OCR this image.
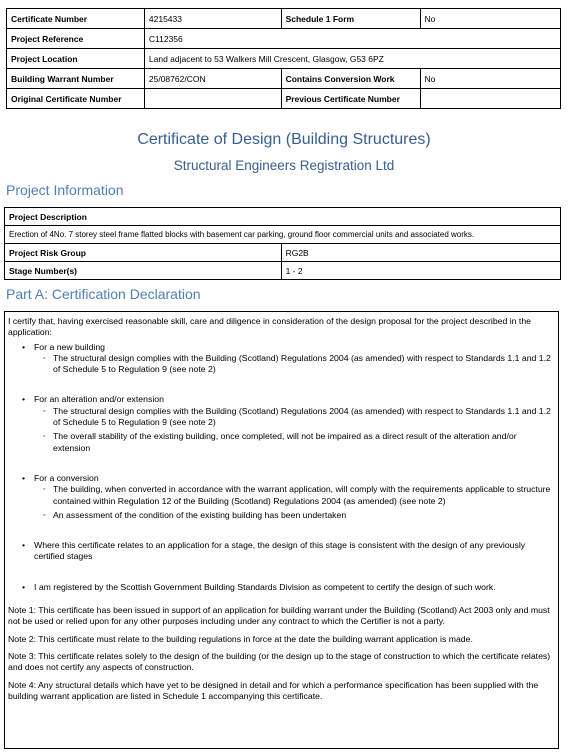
Certificate Number	4215433	Schedule 1 Form	No
Project Reference	C112356		
Project Location	Land adjacent to 53 Walkers Mill Crescent, Glasgow, G53 6PZ		
Building Warrant Number	25/08762/CON	Contains Conversion Work	No
Original Certificate Number		Previous Certificate Number	
Certificate of Design (Building Structures)
Structural Engineers Registration Ltd
Project Information
Project Description	
Erection of 4No. 7 storey steel frame flatted blocks with basement car parking, ground floor commercial units and associated works.	
Project Risk Group	RG2B
Stage Number(s)	1 - 2
Part A: Certification Declaration

I certify that, having exercised reasonable skill, care and diligence in consideration of the design proposal for the project described in the application:

• For a new building
◦ The structural design complies with the Building (Scotland) Regulations 2004 (as amended) with respect to Standards 1.1 and 1.2 of Schedule 5 to Regulation 9 (see note 2)
• For an alteration and/or extension
◦ The structural design complies with the Building (Scotland) Regulations 2004 (as amended) with respect to Standards 1.1 and 1.2 of Schedule 5 to Regulation 9 (see note 2)
◦ The overall stability of the existing building, once completed, will not be impaired as a direct result of the alteration and/or extension
• For a conversion
◦ The building, when converted in accordance with the warrant application, will comply with the requirements applicable to structure contained within Regulation 12 of the Building (Scotland) Regulations 2004 (as amended) (see note 2)
◦ An assessment of the condition of the existing building has been undertaken
• Where this certificate relates to an application for a stage, the design of this stage is consistent with the design of any previously certified stages
• I am registered by the Scottish Government Building Standards Division as competent to certify the design of such work.

Note 1: This certificate has been issued in support of an application for building warrant under the Building (Scotland) Act 2003 only and must not be used or relied upon for any other purposes including under any contract to which the Certifier is not a party.

Note 2: This certificate must relate to the building regulations in force at the date the building warrant application is made.

Note 3: This certificate relates solely to the design of the building (or the design up to the stage of construction to which the certificate relates) and does not certify any aspects of construction.

Note 4: Any structural details which have yet to be designed in detail and for which a performance specification has been supplied with the building warrant application are listed in Schedule 1 accompanying this certificate.
